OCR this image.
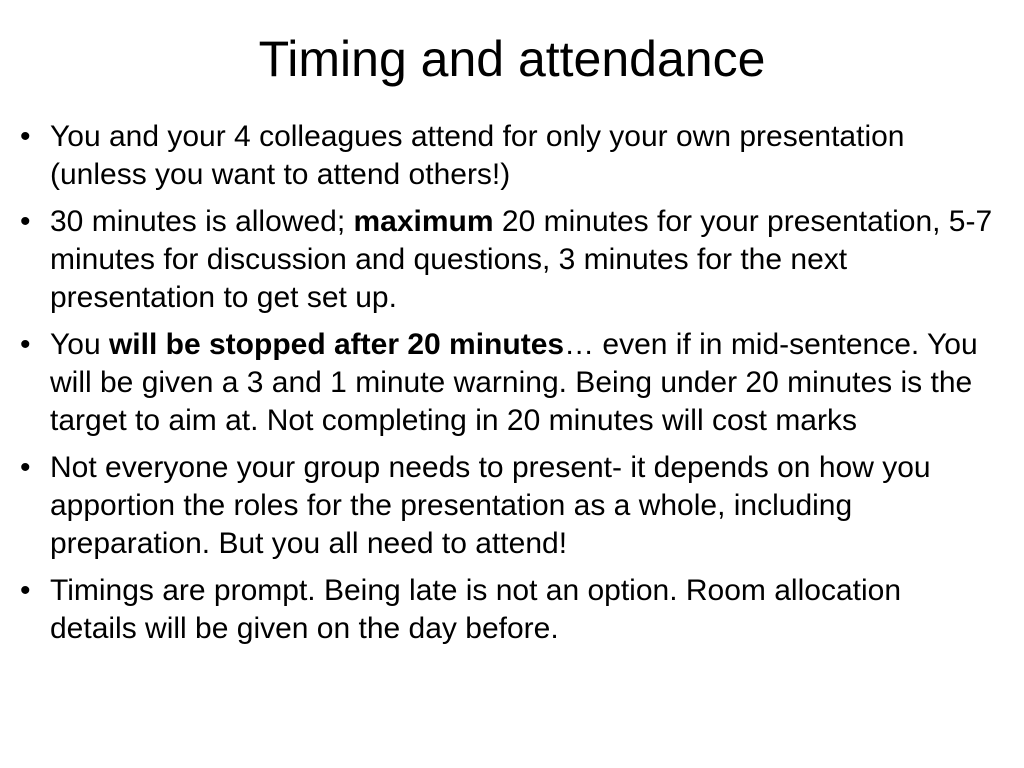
Timing and attendance
• You and your 4 colleagues attend for only your own presentation (unless you want to attend others!)
• 30 minutes is allowed; maximum 20 minutes for your presentation, 5-7 minutes for discussion and questions, 3 minutes for the next presentation to get set up.
• You will be stopped after 20 minutes… even if in mid-sentence. You will be given a 3 and 1 minute warning. Being under 20 minutes is the target to aim at. Not completing in 20 minutes will cost marks
• Not everyone your group needs to present- it depends on how you apportion the roles for the presentation as a whole, including preparation. But you all need to attend!
• Timings are prompt. Being late is not an option. Room allocation details will be given on the day before.
